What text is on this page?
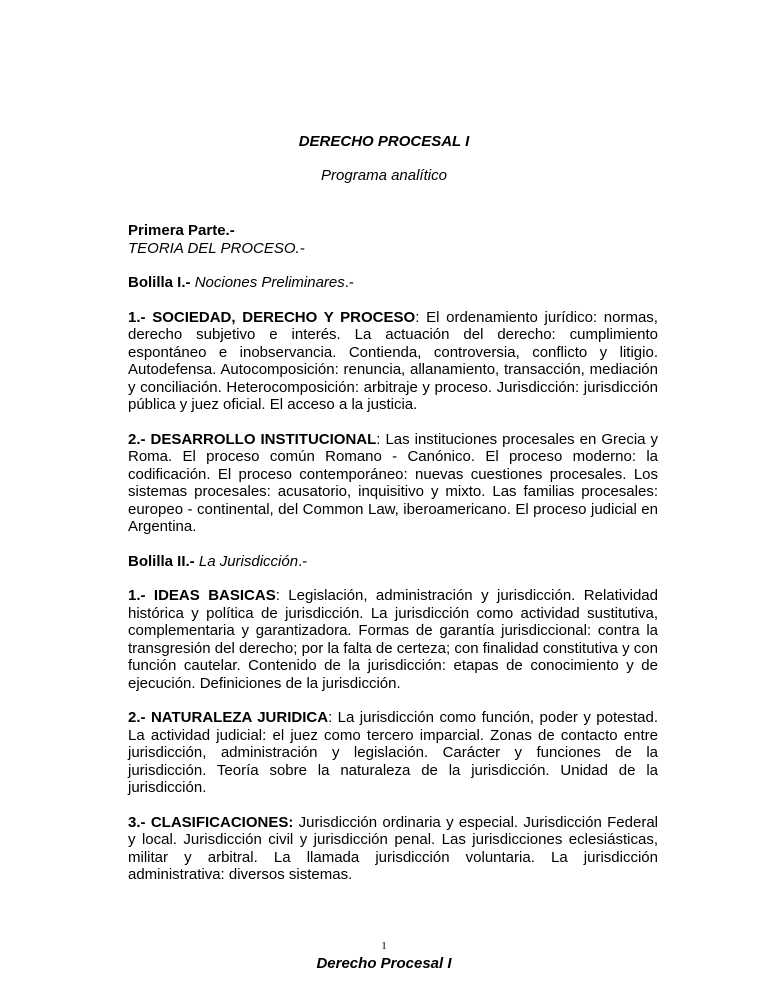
DERECHO PROCESAL I
Programa analítico
Primera Parte.-
TEORIA DEL PROCESO.-
Bolilla I.- Nociones Preliminares.-

1.- SOCIEDAD, DERECHO Y PROCESO: El ordenamiento jurídico: normas, derecho subjetivo e interés. La actuación del derecho: cumplimiento espontáneo e inobservancia. Contienda, controversia, conflicto y litigio. Autodefensa. Autocomposición: renuncia, allanamiento, transacción, mediación y conciliación. Heterocomposición: arbitraje y proceso. Jurisdicción: jurisdicción pública y juez oficial. El acceso a la justicia.

2.- DESARROLLO INSTITUCIONAL: Las instituciones procesales en Grecia y Roma. El proceso común Romano - Canónico. El proceso moderno: la codificación. El proceso contemporáneo: nuevas cuestiones procesales. Los sistemas procesales: acusatorio, inquisitivo y mixto. Las familias procesales: europeo - continental, del Common Law, iberoamericano. El proceso judicial en Argentina.

Bolilla II.- La Jurisdicción.-

1.- IDEAS BASICAS: Legislación, administración y jurisdicción. Relatividad histórica y política de jurisdicción. La jurisdicción como actividad sustitutiva, complementaria y garantizadora. Formas de garantía jurisdiccional: contra la transgresión del derecho; por la falta de certeza; con finalidad constitutiva y con función cautelar. Contenido de la jurisdicción: etapas de conocimiento y de ejecución. Definiciones de la jurisdicción.

2.- NATURALEZA JURIDICA: La jurisdicción como función, poder y potestad. La actividad judicial: el juez como tercero imparcial. Zonas de contacto entre jurisdicción, administración y legislación. Carácter y funciones de la jurisdicción. Teoría sobre la naturaleza de la jurisdicción. Unidad de la jurisdicción.

3.- CLASIFICACIONES: Jurisdicción ordinaria y especial. Jurisdicción Federal y local. Jurisdicción civil y jurisdicción penal. Las jurisdicciones eclesiásticas, militar y arbitral. La llamada jurisdicción voluntaria. La jurisdicción administrativa: diversos sistemas.

1
Derecho Procesal I
